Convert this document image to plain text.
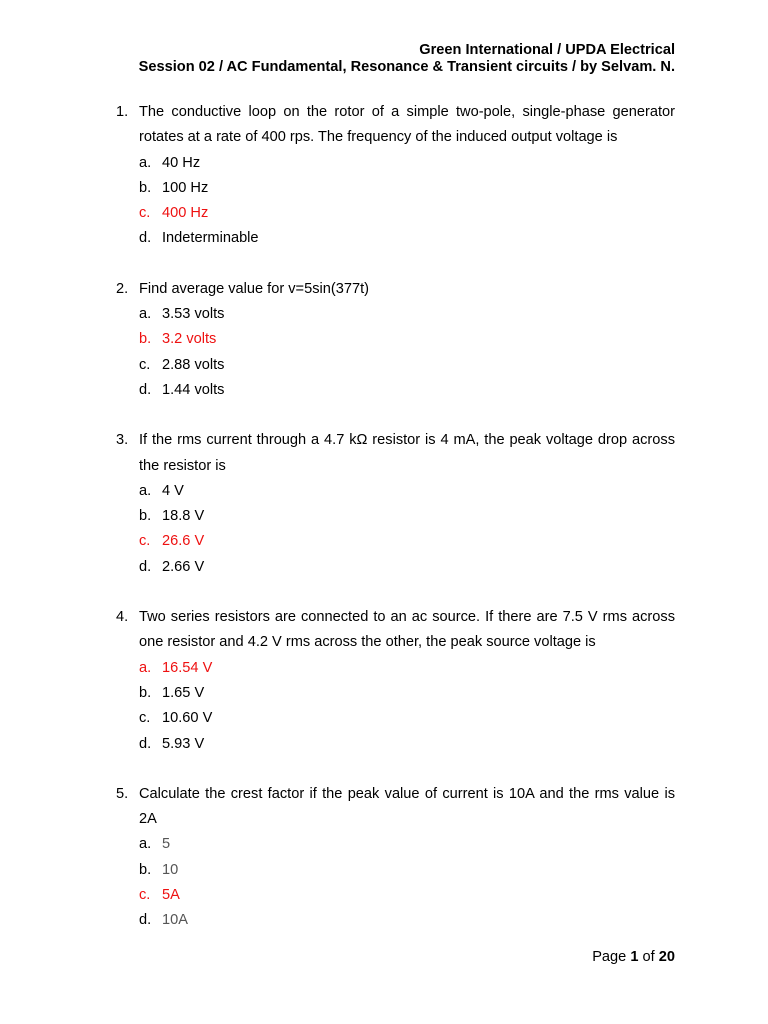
Green International / UPDA Electrical
Session 02 / AC Fundamental, Resonance & Transient circuits / by Selvam. N.
1. The conductive loop on the rotor of a simple two-pole, single-phase generator rotates at a rate of 400 rps. The frequency of the induced output voltage is
a. 40 Hz
b. 100 Hz
c. 400 Hz
d. Indeterminable
2. Find average value for v=5sin(377t)
a. 3.53 volts
b. 3.2 volts
c. 2.88 volts
d. 1.44 volts
3. If the rms current through a 4.7 kΩ resistor is 4 mA, the peak voltage drop across the resistor is
a. 4 V
b. 18.8 V
c. 26.6 V
d. 2.66 V
4. Two series resistors are connected to an ac source. If there are 7.5 V rms across one resistor and 4.2 V rms across the other, the peak source voltage is
a. 16.54 V
b. 1.65 V
c. 10.60 V
d. 5.93 V
5. Calculate the crest factor if the peak value of current is 10A and the rms value is 2A
a. 5
b. 10
c. 5A
d. 10A
Page 1 of 20
